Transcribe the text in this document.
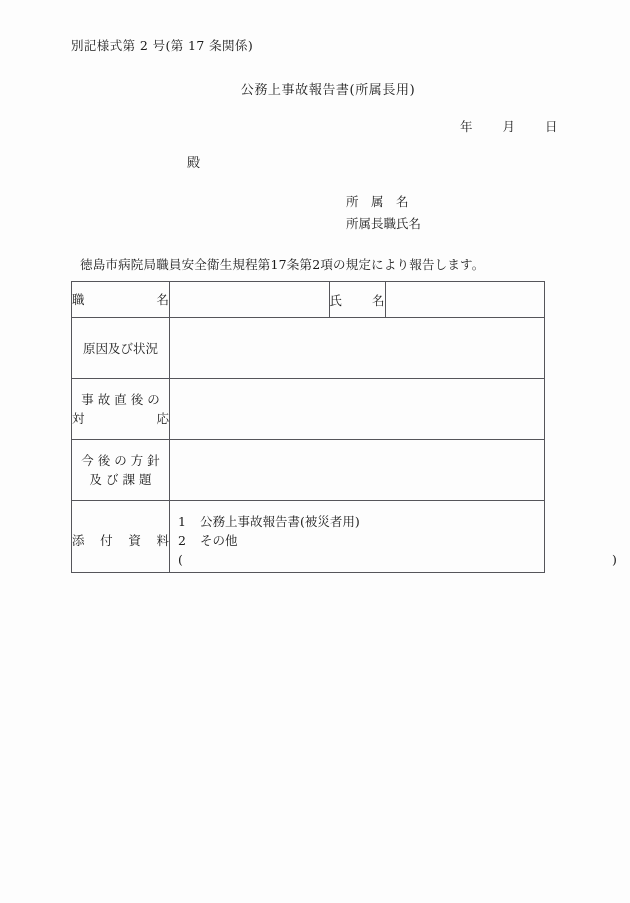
別記様式第 2 号(第 17 条関係)
公務上事故報告書(所属長用)
年 月 日
殿
所　属　名
所属長職氏名
徳島市病院局職員安全衛生規程第17条第2項の規定により報告します。
職 名		氏 名	

原因及び状況			

事 故 直 後 の
対 応			

今 後 の 方 針
及 び 課 題			

添 付 資 料

1 公務上事故報告書(被災者用)
2 その他
(	)
